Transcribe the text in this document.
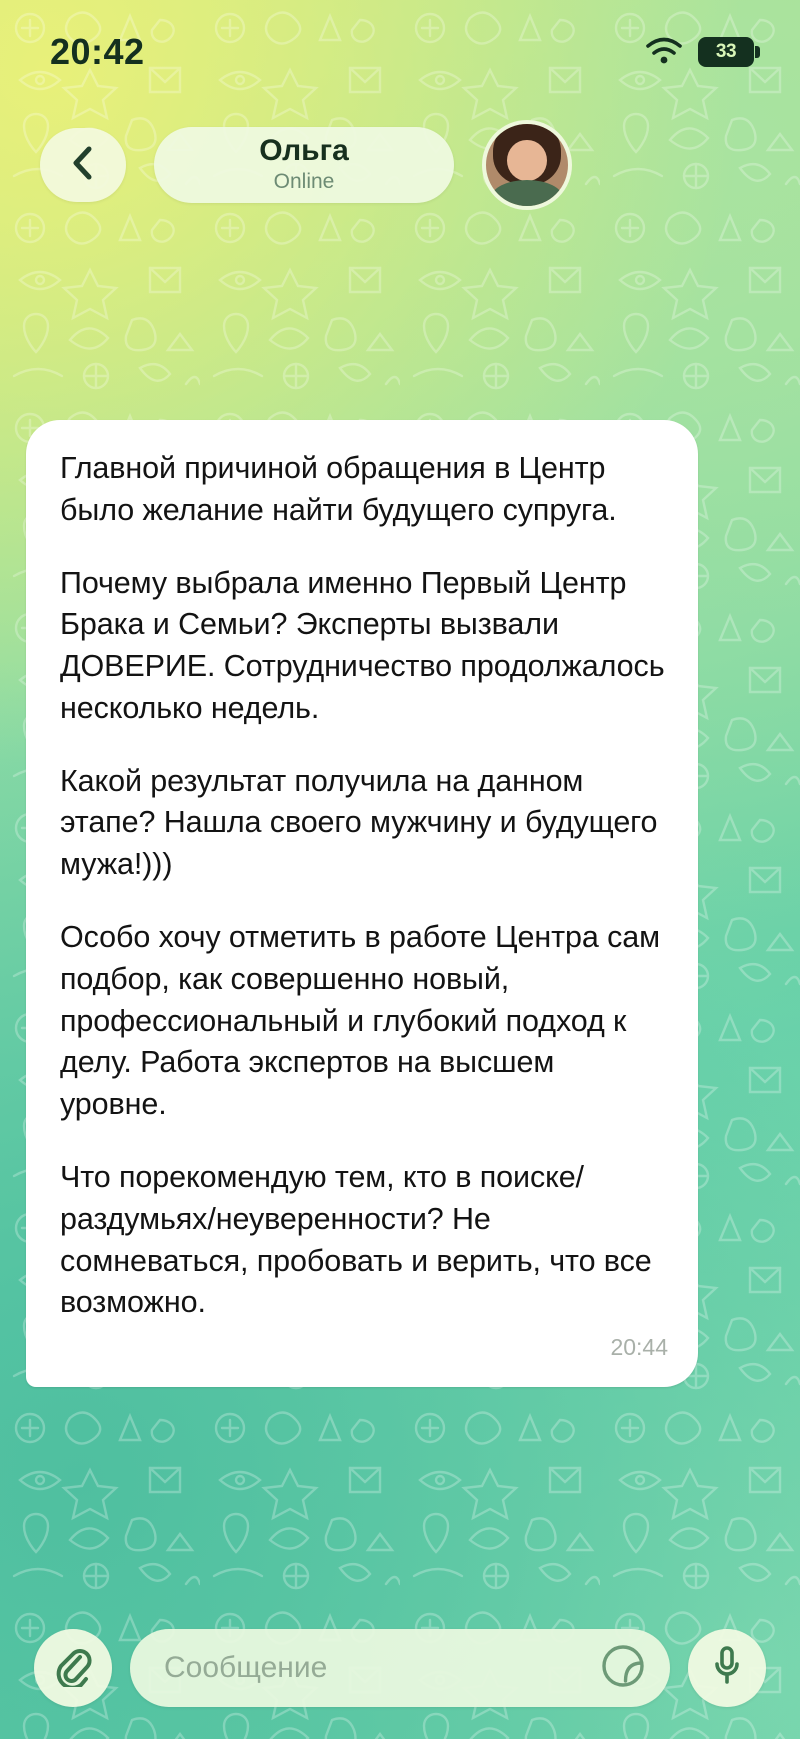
20:42	33
Ольга
Online

Главной причиной обращения в Центр было желание найти будущего супруга.

Почему выбрала именно Первый Центр Брака и Семьи? Эксперты вызвали ДОВЕРИЕ. Сотрудничество продолжалось несколько недель.

Какой результат получила на данном этапе? Нашла своего мужчину и будущего мужа!)))

Особо хочу отметить в работе Центра сам подбор, как совершенно новый, профессиональный и глубокий подход к делу. Работа экспертов на высшем уровне.

Что порекомендую тем, кто в поиске/раздумьях/неуверенности? Не сомневаться, пробовать и верить, что все возможно.

20:44
Сообщение
